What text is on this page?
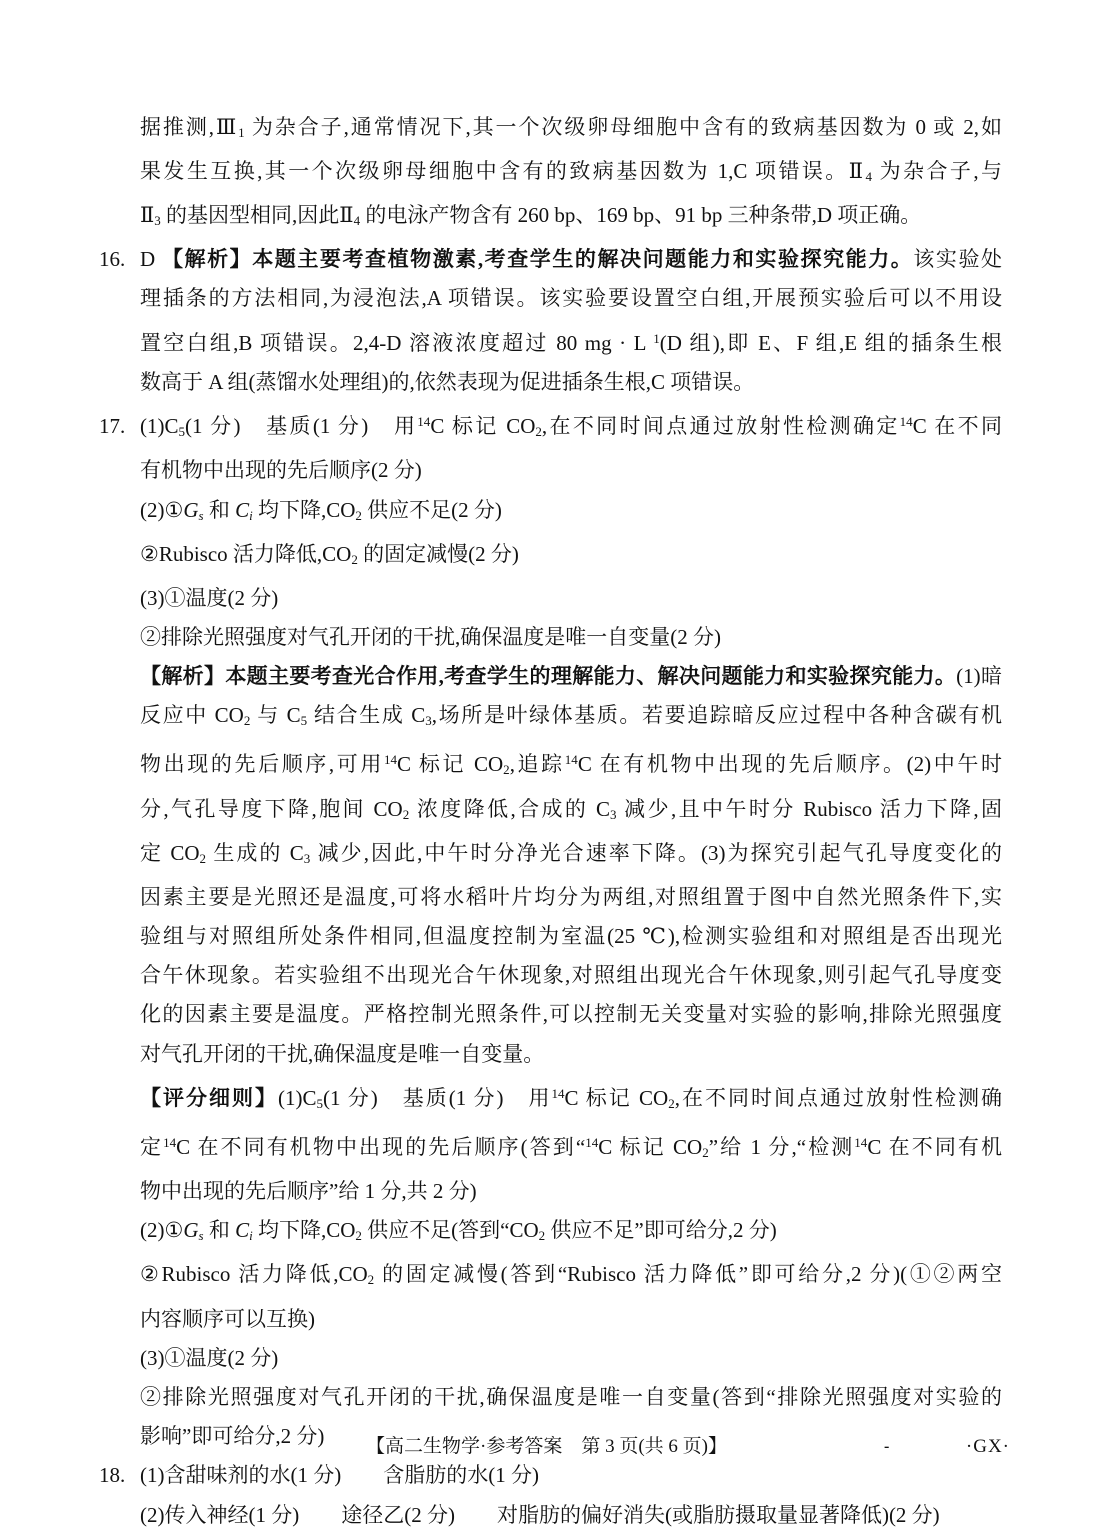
据推测$,Ⅲ_1$ 为杂合子,通常情况下,其一个次级卵母细胞中含有的致病基因数为 0 或 2,如
果发生互换,其一个次级卵母细胞中含有的致病基因数为 1,C 项错误。$Ⅱ_4$ 为杂合子,与
$Ⅱ_3$ 的基因型相同,因此$Ⅱ_4$ 的电泳产物含有 260 bp、169 bp、91 bp 三种条带,D 项正确。
16. D 【解析】本题主要考查植物激素,考查学生的解决问题能力和实验探究能力。该实验处
理插条的方法相同,为浸泡法,A 项错误。该实验要设置空白组,开展预实验后可以不用设
置空白组,B 项错误。2,4-D 溶液浓度超过 80 mg · L $^1$(D 组),即 E、F 组,E 组的插条生根
数高于 A 组(蒸馏水处理组)的,依然表现为促进插条生根,C 项错误。
17. $(1)C_5(1$ 分)　基质(1 分)　用$^{14}$C 标记 $CO_2$,在不同时间点通过放射性检测确定$^{14}$C 在不同
有机物中出现的先后顺序(2 分)
$(2)①G_s$ 和 $C_i$ 均下降$,CO_2$ 供应不足(2 分)
②Rubisco 活力降低$,CO_2$ 的固定减慢(2 分)
(3)①温度(2 分)
②排除光照强度对气孔开闭的干扰,确保温度是唯一自变量(2 分)
【解析】本题主要考查光合作用,考查学生的理解能力、解决问题能力和实验探究能力。(1)暗
反应中 $CO_2$ 与 $C_5$ 结合生成 $C_3$,场所是叶绿体基质。若要追踪暗反应过程中各种含碳有机
物出现的先后顺序,可用$^{14}$C 标记 $CO_2$,追踪$^{14}$C 在有机物中出现的先后顺序。(2)中午时
分,气孔导度下降,胞间 $CO_2$ 浓度降低,合成的 $C_3$ 减少,且中午时分 Rubisco 活力下降,固
定 $CO_2$ 生成的 $C_3$ 减少,因此,中午时分净光合速率下降。(3)为探究引起气孔导度变化的
因素主要是光照还是温度,可将水稻叶片均分为两组,对照组置于图中自然光照条件下,实
验组与对照组所处条件相同,但温度控制为室温(25 ℃),检测实验组和对照组是否出现光
合午休现象。若实验组不出现光合午休现象,对照组出现光合午休现象,则引起气孔导度变
化的因素主要是温度。严格控制光照条件,可以控制无关变量对实验的影响,排除光照强度
对气孔开闭的干扰,确保温度是唯一自变量。
【评分细则】$(1)C_5(1$ 分)　基质(1 分)　用$^{14}$C 标记 $CO_2$,在不同时间点通过放射性检测确
定$^{14}$C 在不同有机物中出现的先后顺序(答到“$^{14}$C 标记 $CO_2$”给 1 分,“检测$^{14}$C 在不同有机
物中出现的先后顺序”给 1 分,共 2 分)
$(2)①G_s$ 和 $C_i$ 均下降$,CO_2$ 供应不足(答到“$CO_2$ 供应不足”即可给分,2 分)
②Rubisco 活力降低$,CO_2$ 的固定减慢(答到“Rubisco 活力降低”即可给分,2 分)(①②两空
内容顺序可以互换)
(3)①温度(2 分)
②排除光照强度对气孔开闭的干扰,确保温度是唯一自变量(答到“排除光照强度对实验的
影响”即可给分,2 分)
18. (1)含甜味剂的水(1 分)　　含脂肪的水(1 分)
(2)传入神经(1 分)　　途径乙(2 分)　　对脂肪的偏好消失(或脂肪摄取量显著降低)(2 分)
【高二生物学·参考答案　第 3 页(共 6 页)】	-	·GX·
